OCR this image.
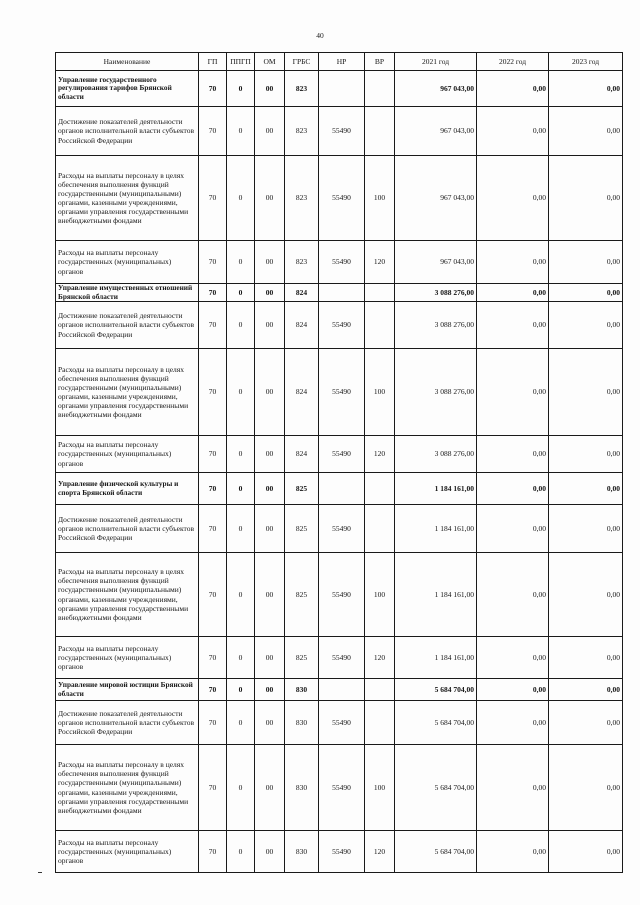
40
Наименование	ГП	ППГП	ОМ	ГРБС	НР	ВР	2021 год	2022 год	2023 год
Управление государственного регулирования тарифов Брянской области	70	0	00	823			967 043,00	0,00	0,00
Достижение показателей деятельности органов исполнительной власти субъектов Российской Федерации	70	0	00	823	55490		967 043,00	0,00	0,00
Расходы на выплаты персоналу в целях обеспечения выполнения функций государственными (муниципальными) органами, казенными учреждениями, органами управления государственными внебюджетными фондами	70	0	00	823	55490	100	967 043,00	0,00	0,00
Расходы на выплаты персоналу государственных (муниципальных) органов	70	0	00	823	55490	120	967 043,00	0,00	0,00
Управление имущественных отношений Брянской области	70	0	00	824			3 088 276,00	0,00	0,00
Достижение показателей деятельности органов исполнительной власти субъектов Российской Федерации	70	0	00	824	55490		3 088 276,00	0,00	0,00
Расходы на выплаты персоналу в целях обеспечения выполнения функций государственными (муниципальными) органами, казенными учреждениями, органами управления государственными внебюджетными фондами	70	0	00	824	55490	100	3 088 276,00	0,00	0,00
Расходы на выплаты персоналу государственных (муниципальных) органов	70	0	00	824	55490	120	3 088 276,00	0,00	0,00
Управление физической культуры и спорта Брянской области	70	0	00	825			1 184 161,00	0,00	0,00
Достижение показателей деятельности органов исполнительной власти субъектов Российской Федерации	70	0	00	825	55490		1 184 161,00	0,00	0,00
Расходы на выплаты персоналу в целях обеспечения выполнения функций государственными (муниципальными) органами, казенными учреждениями, органами управления государственными внебюджетными фондами	70	0	00	825	55490	100	1 184 161,00	0,00	0,00
Расходы на выплаты персоналу государственных (муниципальных) органов	70	0	00	825	55490	120	1 184 161,00	0,00	0,00
Управление мировой юстиции Брянской области	70	0	00	830			5 684 704,00	0,00	0,00
Достижение показателей деятельности органов исполнительной власти субъектов Российской Федерации	70	0	00	830	55490		5 684 704,00	0,00	0,00
Расходы на выплаты персоналу в целях обеспечения выполнения функций государственными (муниципальными) органами, казенными учреждениями, органами управления государственными внебюджетными фондами	70	0	00	830	55490	100	5 684 704,00	0,00	0,00
Расходы на выплаты персоналу государственных (муниципальных) органов	70	0	00	830	55490	120	5 684 704,00	0,00	0,00
